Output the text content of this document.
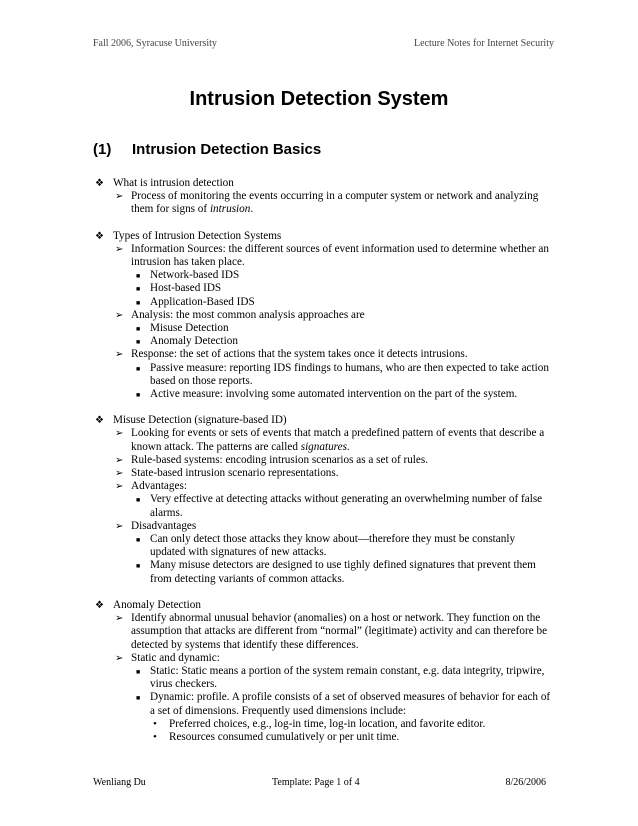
Fall 2006, Syracuse University	Lecture Notes for Internet Security
Intrusion Detection System
(1) Intrusion Detection Basics
❖ What is intrusion detection
➢ Process of monitoring the events occurring in a computer system or network and analyzing them for signs of intrusion.
❖ Types of Intrusion Detection Systems
➢ Information Sources: the different sources of event information used to determine whether an intrusion has taken place.
■ Network-based IDS
■ Host-based IDS
■ Application-Based IDS
➢ Analysis: the most common analysis approaches are
■ Misuse Detection
■ Anomaly Detection
➢ Response: the set of actions that the system takes once it detects intrusions.
■ Passive measure: reporting IDS findings to humans, who are then expected to take action based on those reports.
■ Active measure: involving some automated intervention on the part of the system.
❖ Misuse Detection (signature-based ID)
➢ Looking for events or sets of events that match a predefined pattern of events that describe a known attack. The patterns are called signatures.
➢ Rule-based systems: encoding intrusion scenarios as a set of rules.
➢ State-based intrusion scenario representations.
➢ Advantages:
■ Very effective at detecting attacks without generating an overwhelming number of false alarms.
➢ Disadvantages
■ Can only detect those attacks they know about—therefore they must be constanly updated with signatures of new attacks.
■ Many misuse detectors are designed to use tighly defined signatures that prevent them from detecting variants of common attacks.
❖ Anomaly Detection
➢ Identify abnormal unusual behavior (anomalies) on a host or network. They function on the assumption that attacks are different from “normal” (legitimate) activity and can therefore be detected by systems that identify these differences.
➢ Static and dynamic:
■ Static: Static means a portion of the system remain constant, e.g. data integrity, tripwire, virus checkers.
■ Dynamic: profile. A profile consists of a set of observed measures of behavior for each of a set of dimensions. Frequently used dimensions include:
• Preferred choices, e.g., log-in time, log-in location, and favorite editor.
• Resources consumed cumulatively or per unit time.
Wenliang Du	Template: Page 1 of 4	8/26/2006
